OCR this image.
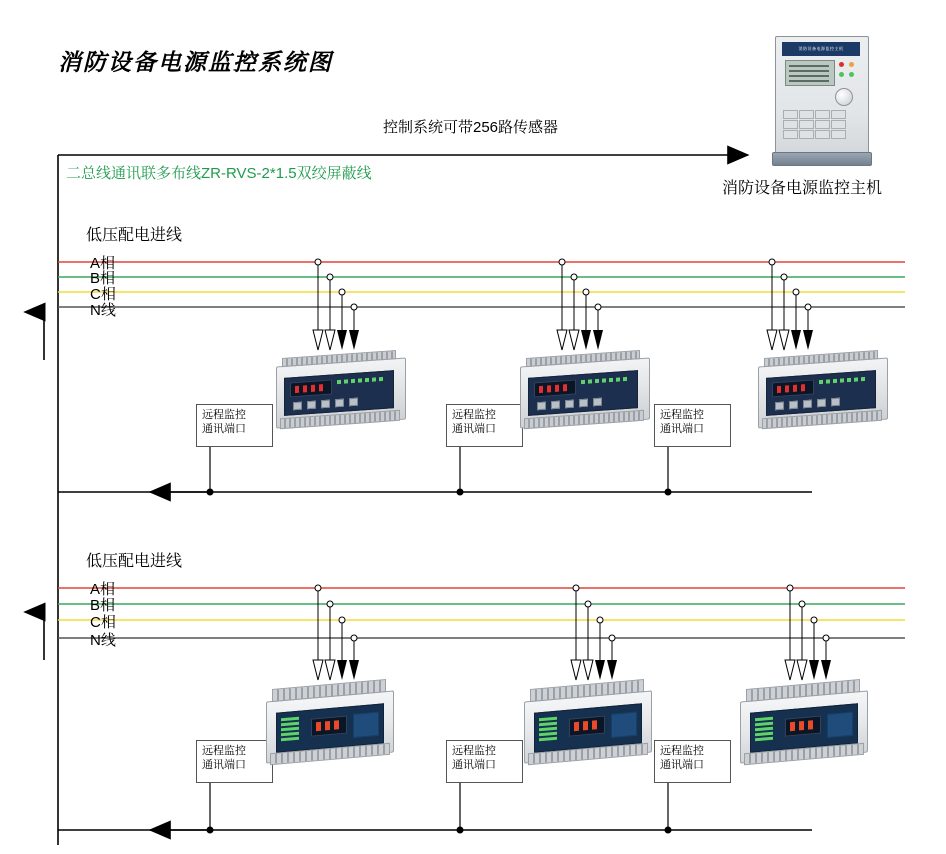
消防设备电源监控系统图
控制系统可带256路传感器
二总线通讯联多布线ZR-RVS-2*1.5双绞屏蔽线
消防设备电源监控主机
低压配电进线
A相
B相
C相
N线
低压配电进线
A相
B相
C相
N线
远程监控
通讯端口
远程监控
通讯端口
远程监控
通讯端口
远程监控
通讯端口
远程监控
通讯端口
远程监控
通讯端口
消防设备电源监控主机
